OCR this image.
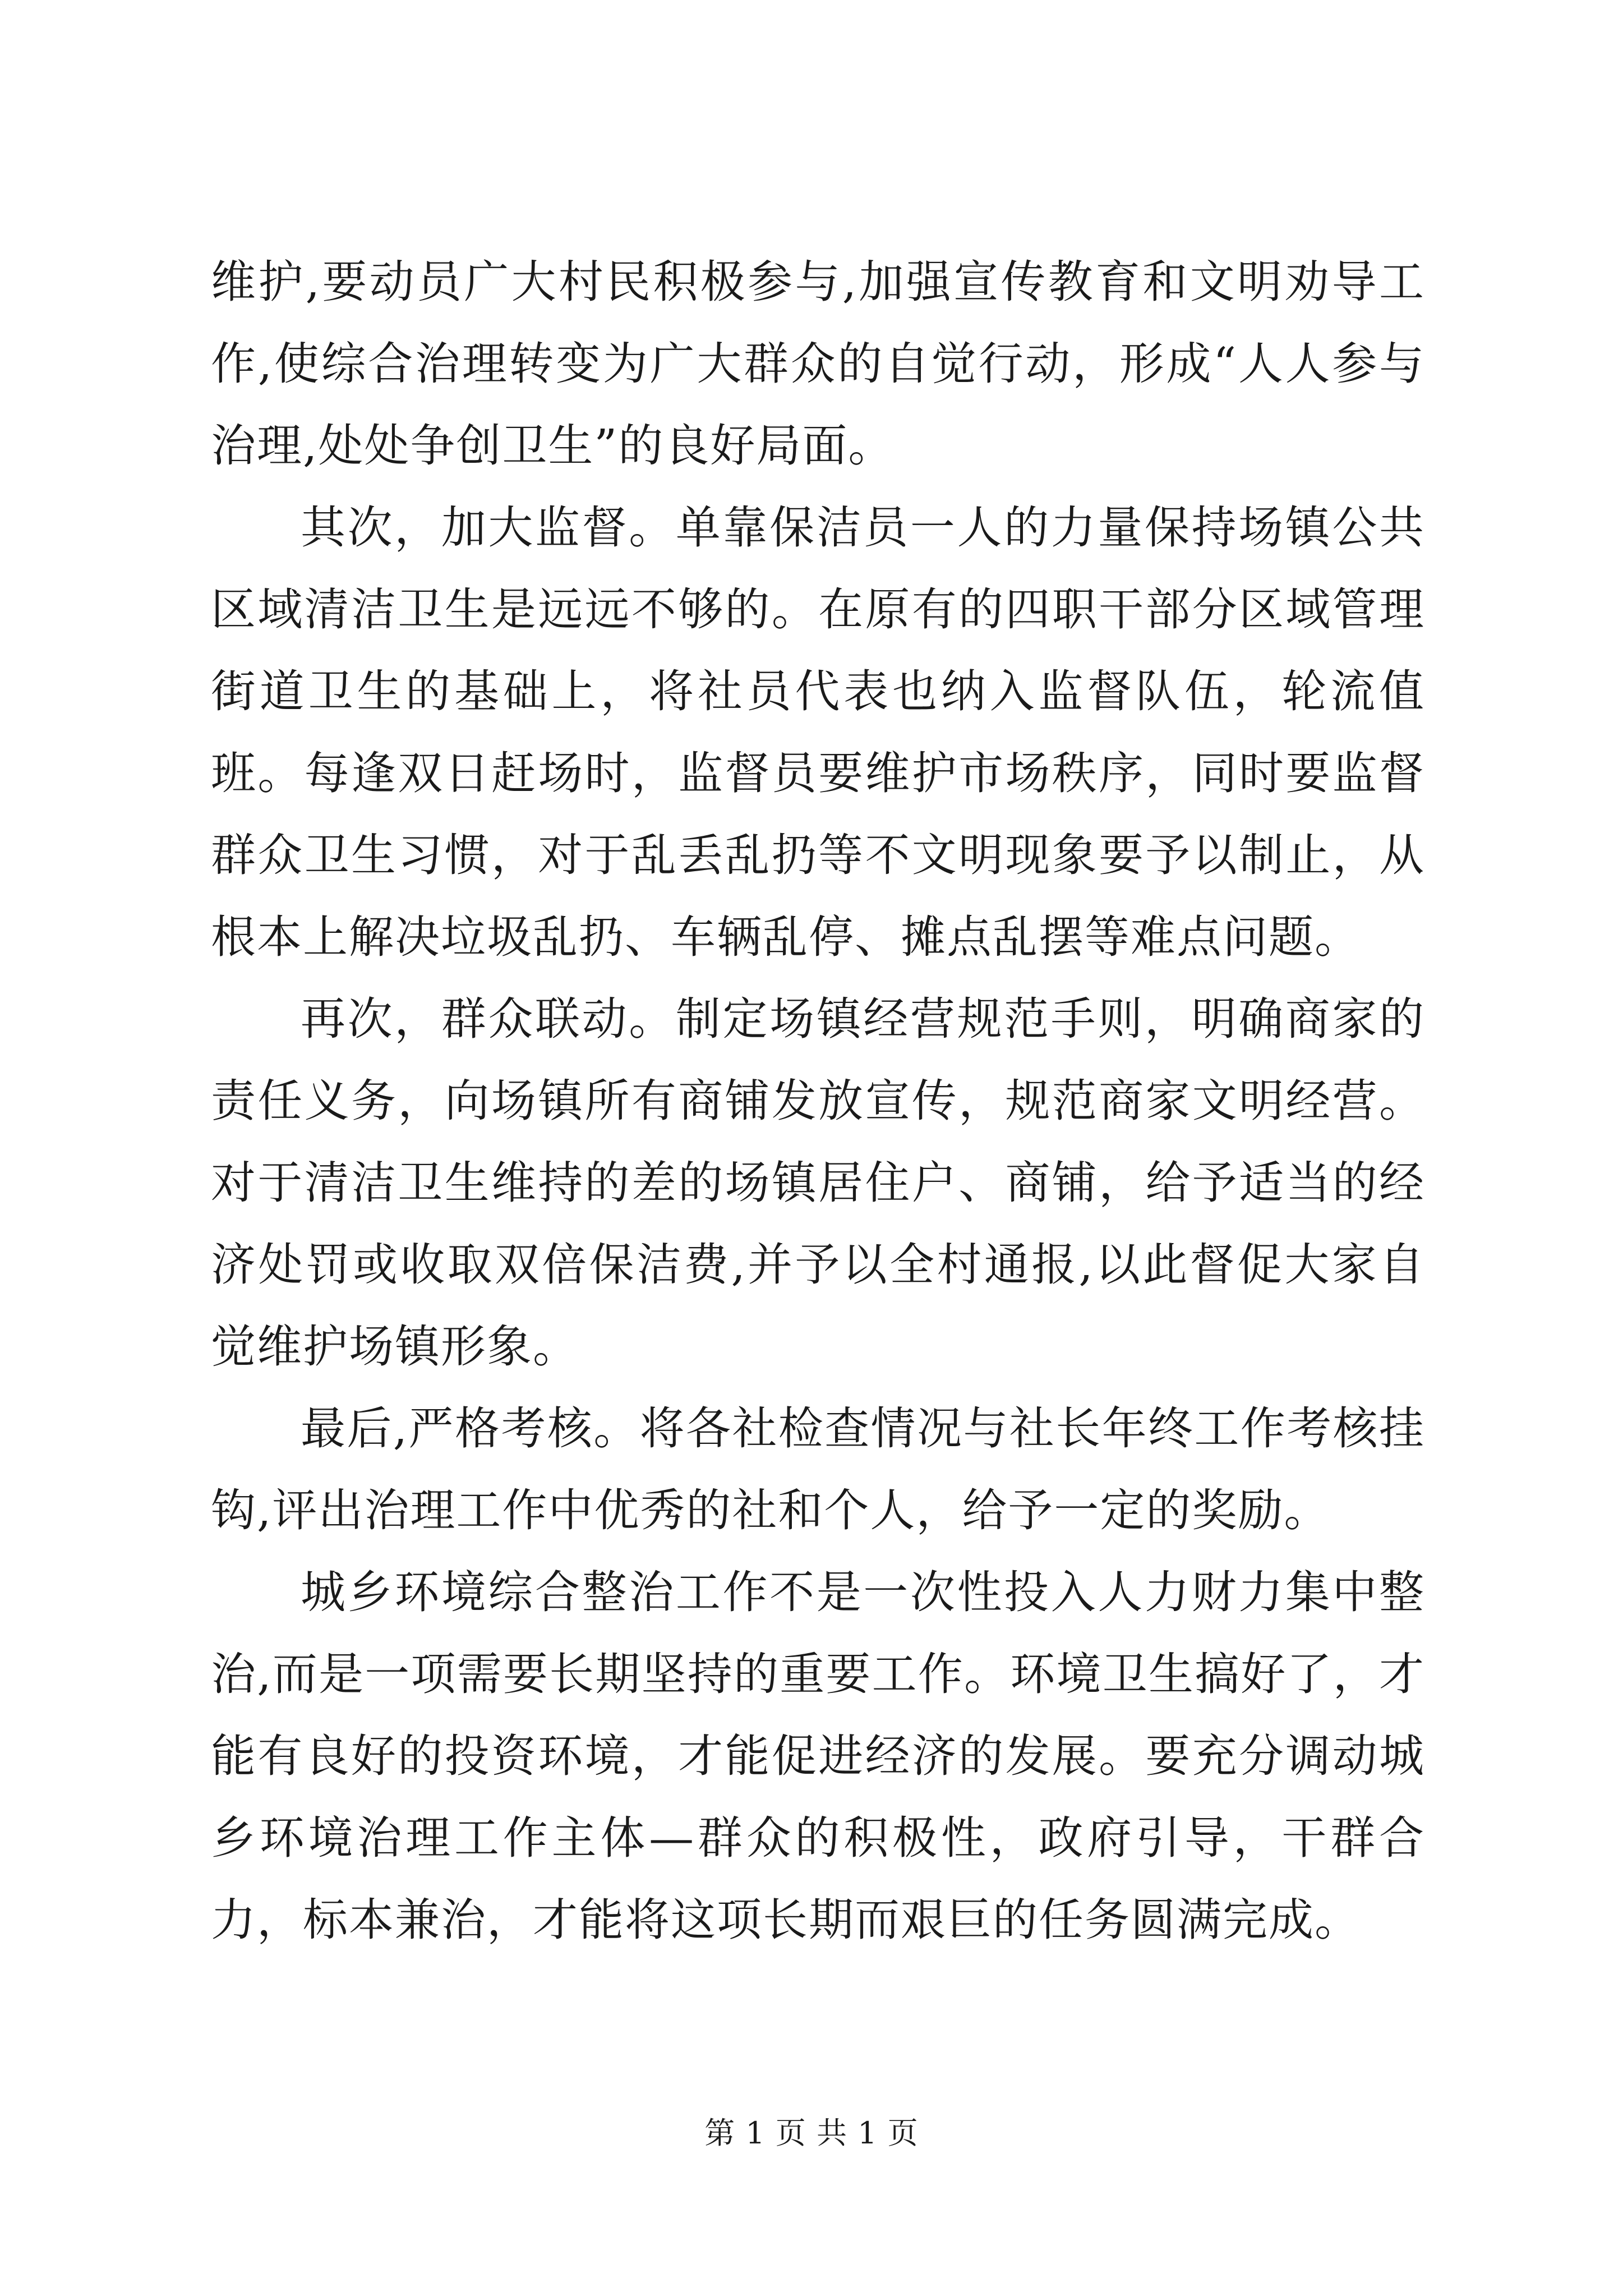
维护,要动员广大村民积极参与,加强宣传教育和文明劝导工作,使综合治理转变为广大群众的自觉行动，形成“人人参与治理,处处争创卫生”的良好局面。

其次，加大监督。单靠保洁员一人的力量保持场镇公共区域清洁卫生是远远不够的。在原有的四职干部分区域管理街道卫生的基础上，将社员代表也纳入监督队伍，轮流值班。每逢双日赶场时，监督员要维护市场秩序，同时要监督群众卫生习惯，对于乱丢乱扔等不文明现象要予以制止，从根本上解决垃圾乱扔、车辆乱停、摊点乱摆等难点问题。

再次，群众联动。制定场镇经营规范手则，明确商家的责任义务，向场镇所有商铺发放宣传，规范商家文明经营。对于清洁卫生维持的差的场镇居住户、商铺，给予适当的经济处罚或收取双倍保洁费,并予以全村通报,以此督促大家自觉维护场镇形象。

最后,严格考核。将各社检查情况与社长年终工作考核挂钩,评出治理工作中优秀的社和个人，给予一定的奖励。

城乡环境综合整治工作不是一次性投入人力财力集中整治,而是一项需要长期坚持的重要工作。环境卫生搞好了，才能有良好的投资环境，才能促进经济的发展。要充分调动城乡环境治理工作主体—群众的积极性，政府引导，干群合力，标本兼治，才能将这项长期而艰巨的任务圆满完成。

第 1 页 共 1 页
